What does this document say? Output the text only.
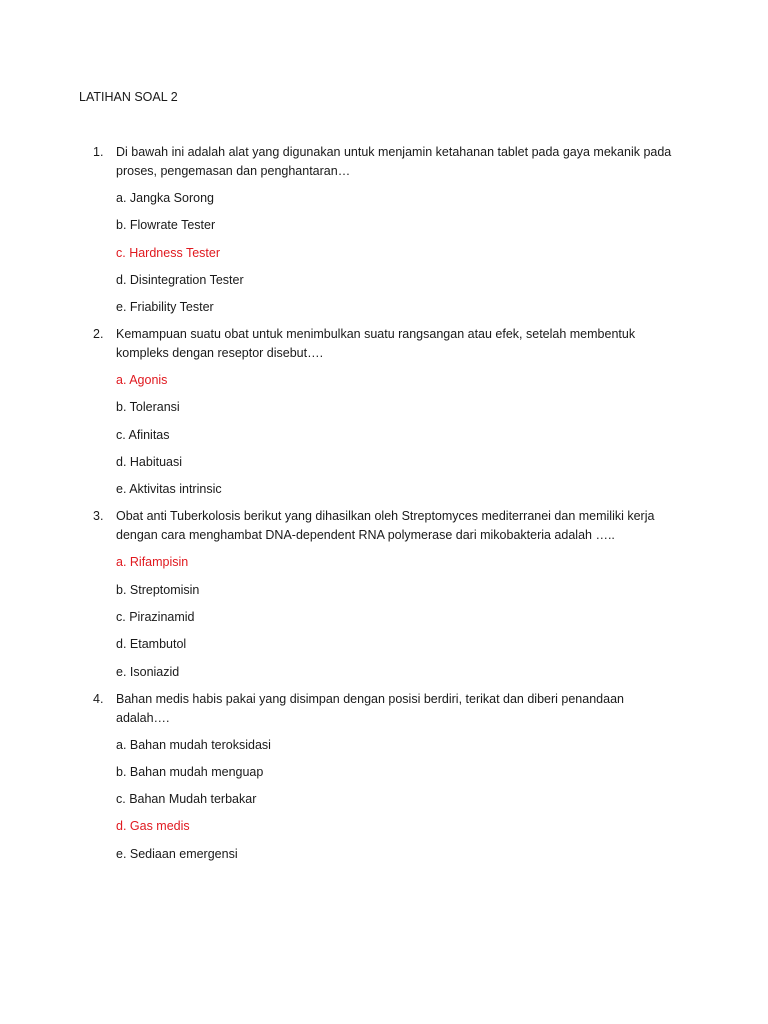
LATIHAN SOAL 2
1. Di bawah ini adalah alat yang digunakan untuk menjamin ketahanan tablet pada gaya mekanik pada proses, pengemasan dan penghantaran…
a. Jangka Sorong
b. Flowrate Tester
c. Hardness Tester
d. Disintegration Tester
e. Friability Tester
2. Kemampuan suatu obat untuk menimbulkan suatu rangsangan atau efek, setelah membentuk kompleks dengan reseptor disebut….
a. Agonis
b. Toleransi
c. Afinitas
d. Habituasi
e. Aktivitas intrinsic
3. Obat anti Tuberkolosis berikut yang dihasilkan oleh Streptomyces mediterranei dan memiliki kerja dengan cara menghambat DNA-dependent RNA polymerase dari mikobakteria adalah …..
a. Rifampisin
b. Streptomisin
c. Pirazinamid
d. Etambutol
e. Isoniazid
4. Bahan medis habis pakai yang disimpan dengan posisi berdiri, terikat dan diberi penandaan adalah….
a. Bahan mudah teroksidasi
b. Bahan mudah menguap
c. Bahan Mudah terbakar
d. Gas medis
e. Sediaan emergensi
